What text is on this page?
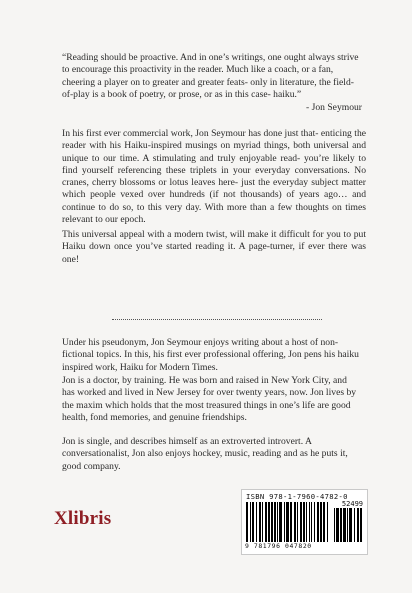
“Reading should be proactive. And in one’s writings, one ought always strive to encourage this proactivity in the reader. Much like a coach, or a fan, cheering a player on to greater and greater feats- only in literature, the field-of-play is a book of poetry, or prose, or as in this case- haiku.”
- Jon Seymour

In his first ever commercial work, Jon Seymour has done just that- enticing the reader with his Haiku-inspired musings on myriad things, both universal and unique to our time. A stimulating and truly enjoyable read- you’re likely to find yourself referencing these triplets in your everyday conversations. No cranes, cherry blossoms or lotus leaves here- just the everyday subject matter which people vexed over hundreds (if not thousands) of years ago… and continue to do so, to this very day. With more than a few thoughts on times relevant to our epoch.

This universal appeal with a modern twist, will make it difficult for you to put Haiku down once you’ve started reading it. A page-turner, if ever there was one!

Under his pseudonym, Jon Seymour enjoys writing about a host of non-fictional topics. In this, his first ever professional offering, Jon pens his haiku inspired work, Haiku for Modern Times.

Jon is a doctor, by training. He was born and raised in New York City, and has worked and lived in New Jersey for over twenty years, now. Jon lives by the maxim which holds that the most treasured things in one’s life are good health, fond memories, and genuine friendships.

Jon is single, and describes himself as an extroverted introvert. A conversationalist, Jon also enjoys hockey, music, reading and as he puts it, good company.

Xlibris
ISBN 978-1-7960-4782-0
52499
9 781796 047820
